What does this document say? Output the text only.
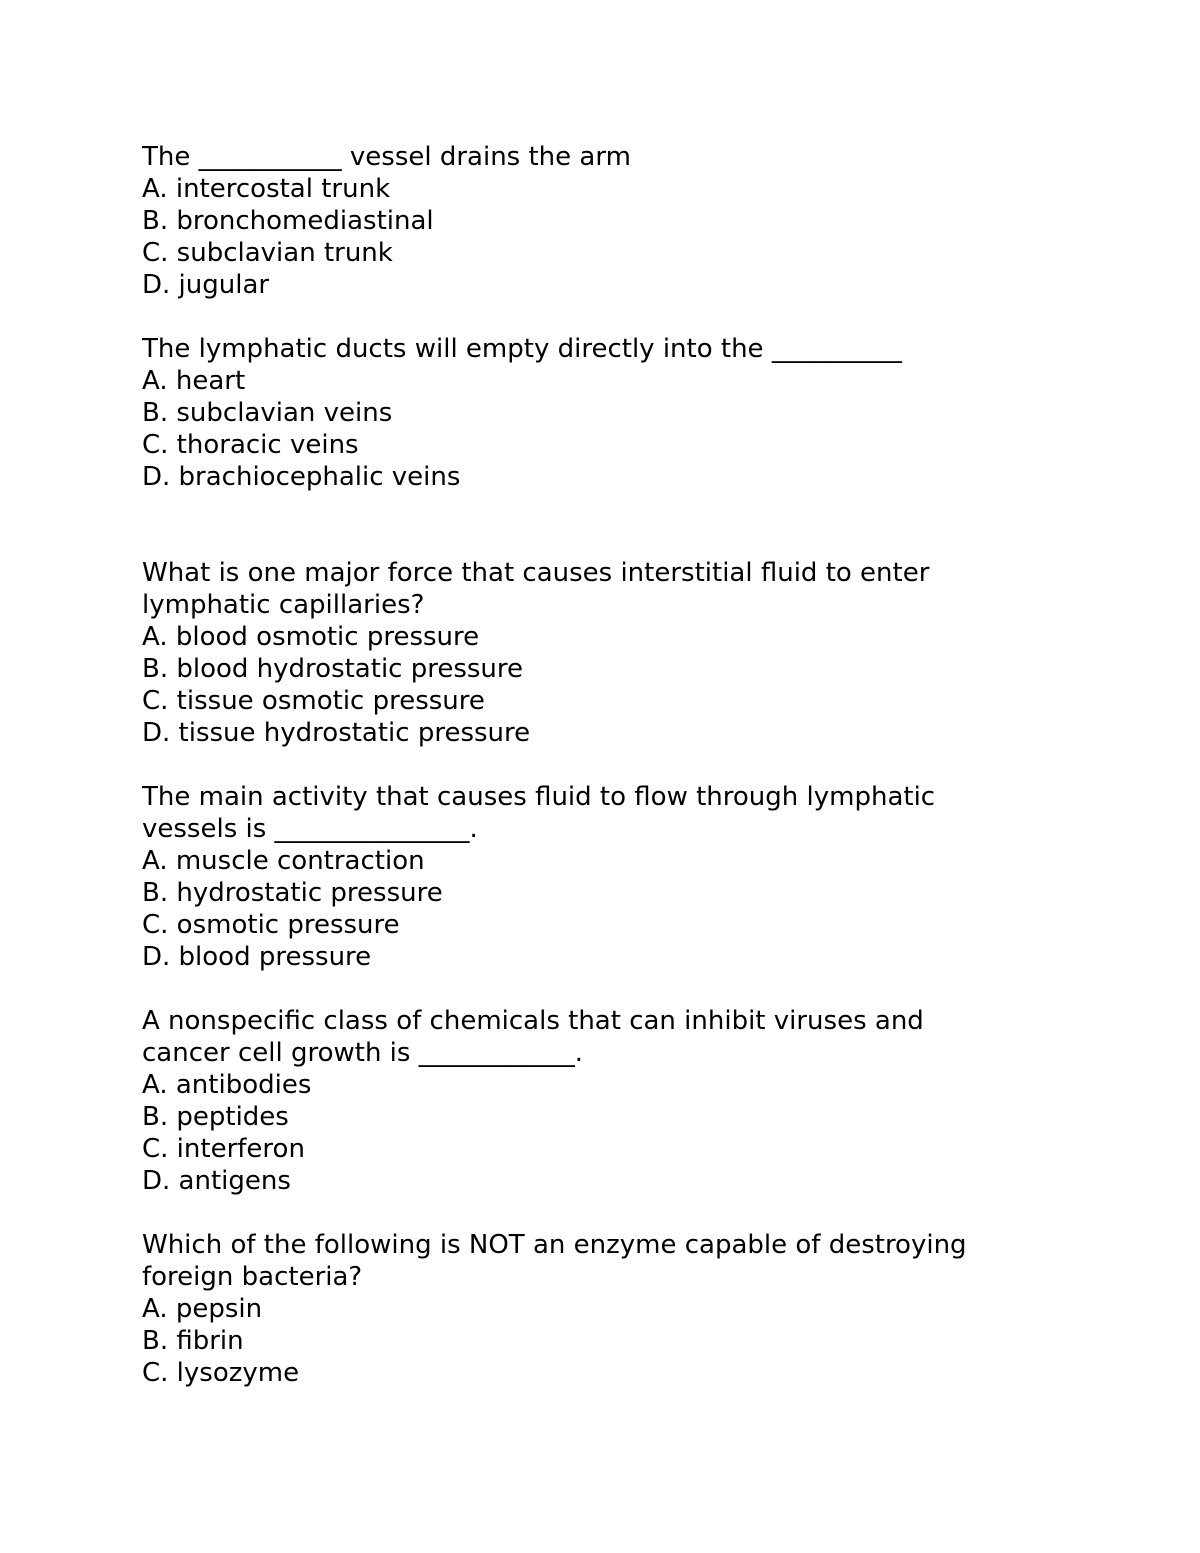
The ___________ vessel drains the arm
A. intercostal trunk
B. bronchomediastinal
C. subclavian trunk
D. jugular
The lymphatic ducts will empty directly into the __________
A. heart
B. subclavian veins
C. thoracic veins
D. brachiocephalic veins
What is one major force that causes interstitial fluid to enter
lymphatic capillaries?
A. blood osmotic pressure
B. blood hydrostatic pressure
C. tissue osmotic pressure
D. tissue hydrostatic pressure
The main activity that causes fluid to flow through lymphatic
vessels is _______________.
A. muscle contraction
B. hydrostatic pressure
C. osmotic pressure
D. blood pressure
A nonspecific class of chemicals that can inhibit viruses and
cancer cell growth is ____________.
A. antibodies
B. peptides
C. interferon
D. antigens
Which of the following is NOT an enzyme capable of destroying
foreign bacteria?
A. pepsin
B. fibrin
C. lysozyme
